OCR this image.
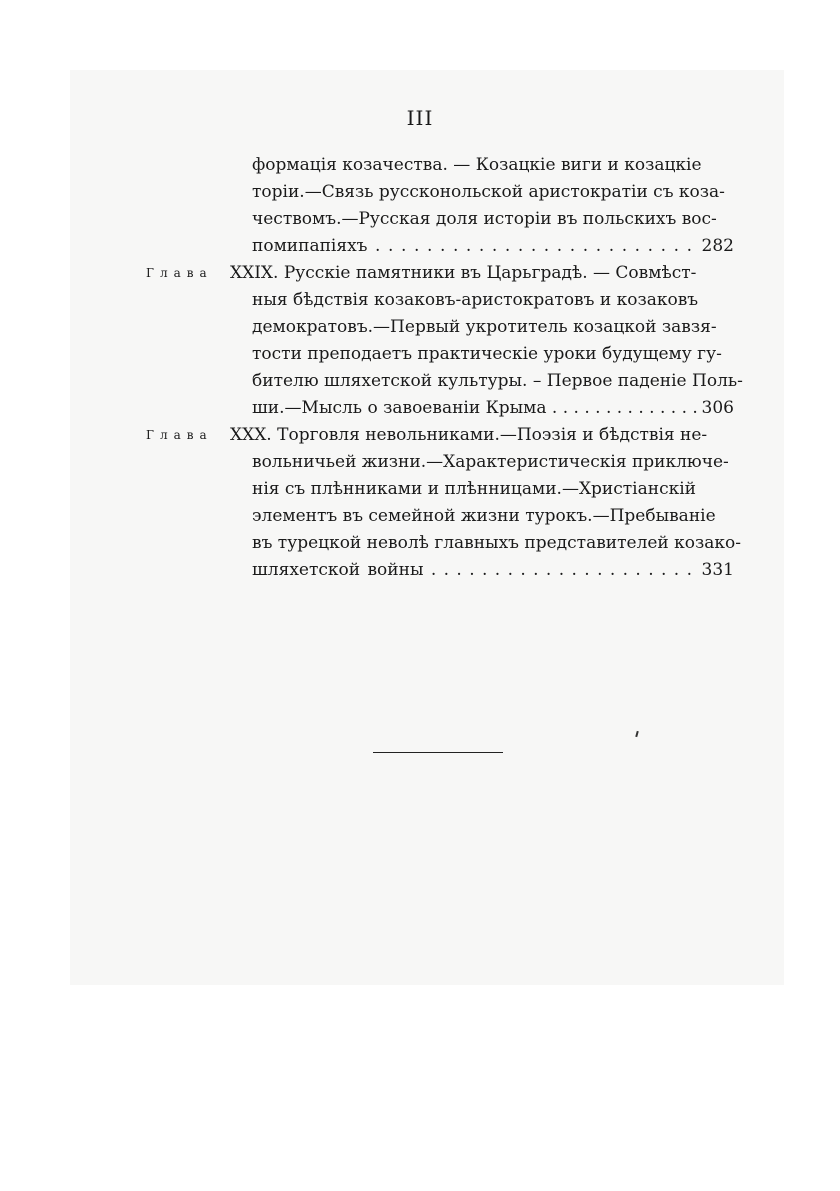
III
формація козачества. — Козацкіе виги и козацкіе
торіи.—Связь руссконольской аристократіи съ коза-
чествомъ.—Русская доля исторіи въ польскихъ вос-
помипапіяхъ . . . . . . . . . . . . . . . . . . . . . . . . . 282
Глава XXIX. Русскіе памятники въ Царьградѣ. — Совмѣст-
ныя бѣдствія козаковъ-аристократовъ и козаковъ
демократовъ.—Первый укротитель козацкой завзя-
тости преподаетъ практическіе уроки будущему гу-
бителю шляхетской культуры. – Первое паденіе Поль-
ши.—Мысль о завоеваніи Крыма . . . . . . . . . . . . . . 306
Глава XXX. Торговля невольниками.—Поэзія и бѣдствія не-
вольничьей жизни.—Характеристическія приключе-
нія съ плѣнниками и плѣнницами.—Христіанскій
элементъ въ семейной жизни турокъ.—Пребываніе
въ турецкой неволѣ главныхъ представителей козако-
шляхетской войны . . . . . . . . . . . . . . . . . . . . . 331
